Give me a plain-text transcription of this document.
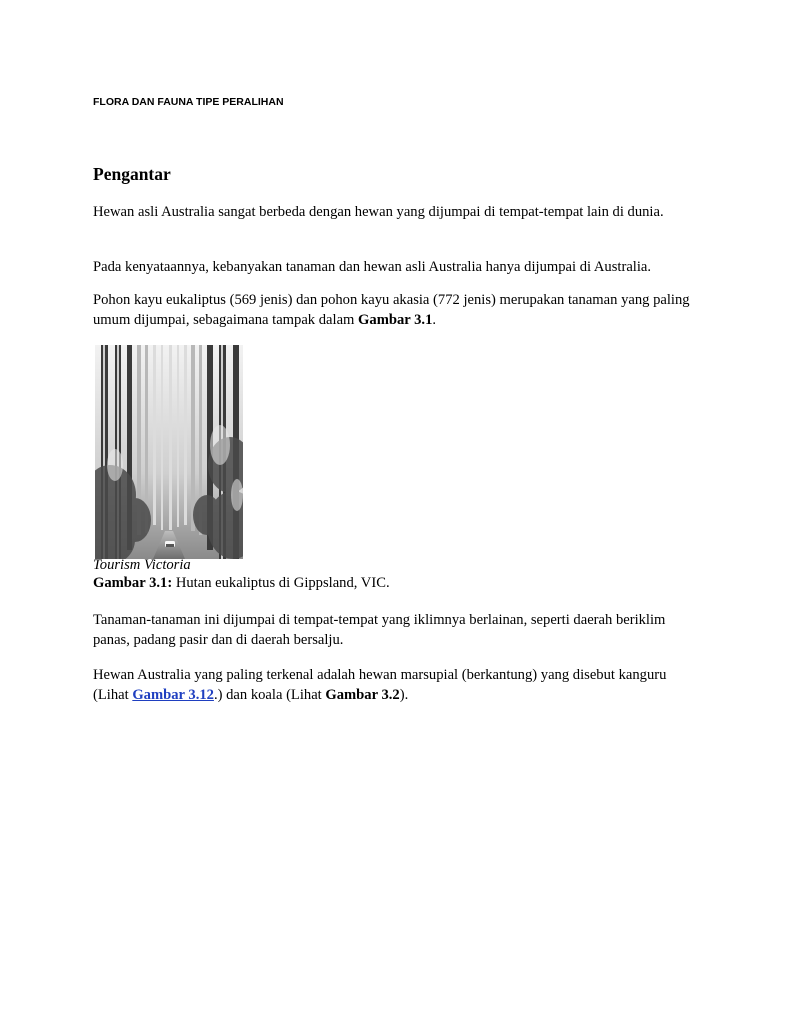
FLORA DAN FAUNA TIPE PERALIHAN
Pengantar

Hewan asli Australia sangat berbeda dengan hewan yang dijumpai di tempat-tempat lain di dunia.

Pada kenyataannya, kebanyakan tanaman dan hewan asli Australia hanya dijumpai di Australia.

Pohon kayu eukaliptus (569 jenis) dan pohon kayu akasia (772 jenis) merupakan tanaman yang paling umum dijumpai, sebagaimana tampak dalam Gambar 3.1.

Tourism Victoria
Gambar 3.1: Hutan eukaliptus di Gippsland, VIC.

Tanaman-tanaman ini dijumpai di tempat-tempat yang iklimnya berlainan, seperti daerah beriklim panas, padang pasir dan di daerah bersalju.

Hewan Australia yang paling terkenal adalah hewan marsupial (berkantung) yang disebut kanguru (Lihat Gambar 3.12.) dan koala (Lihat Gambar 3.2).
